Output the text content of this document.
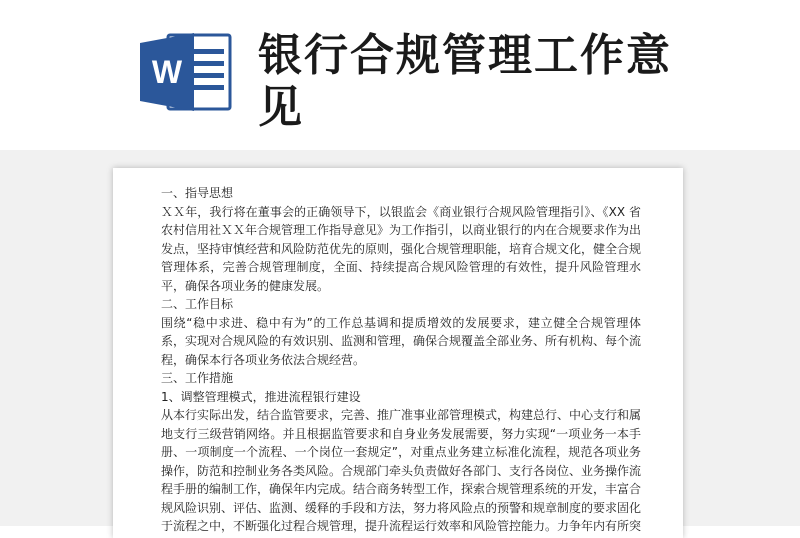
W 银行合规管理工作意见

一、指导思想

ＸＸ年，我行将在董事会的正确领导下，以银监会《商业银行合规风险管理指引》、《XX 省农村信用社ＸＸ年合规管理工作指导意见》为工作指引，以商业银行的内在合规要求作为出发点，坚持审慎经营和风险防范优先的原则，强化合规管理职能，培育合规文化，健全合规管理体系，完善合规管理制度，全面、持续提高合规风险管理的有效性，提升风险管理水平，确保各项业务的健康发展。

二、工作目标

围绕“稳中求进、稳中有为”的工作总基调和提质增效的发展要求，建立健全合规管理体系，实现对合规风险的有效识别、监测和管理，确保合规覆盖全部业务、所有机构、每个流程，确保本行各项业务依法合规经营。

三、工作措施

1、调整管理模式，推进流程银行建设

从本行实际出发，结合监管要求，完善、推广准事业部管理模式，构建总行、中心支行和属地支行三级营销网络。并且根据监管要求和自身业务发展需要，努力实现“一项业务一本手册、一项制度一个流程、一个岗位一套规定”，对重点业务建立标准化流程，规范各项业务操作，防范和控制业务各类风险。合规部门牵头负责做好各部门、支行各岗位、业务操作流程手册的编制工作，确保年内完成。结合商务转型工作，探索合规管理系统的开发，丰富合规风险识别、评估、监测、缓释的手段和方法，努力将风险点的预警和规章制度的要求固化于流程之中，不断强化过程合规管理，提升流程运行效率和风险管控能力。力争年内有所突
